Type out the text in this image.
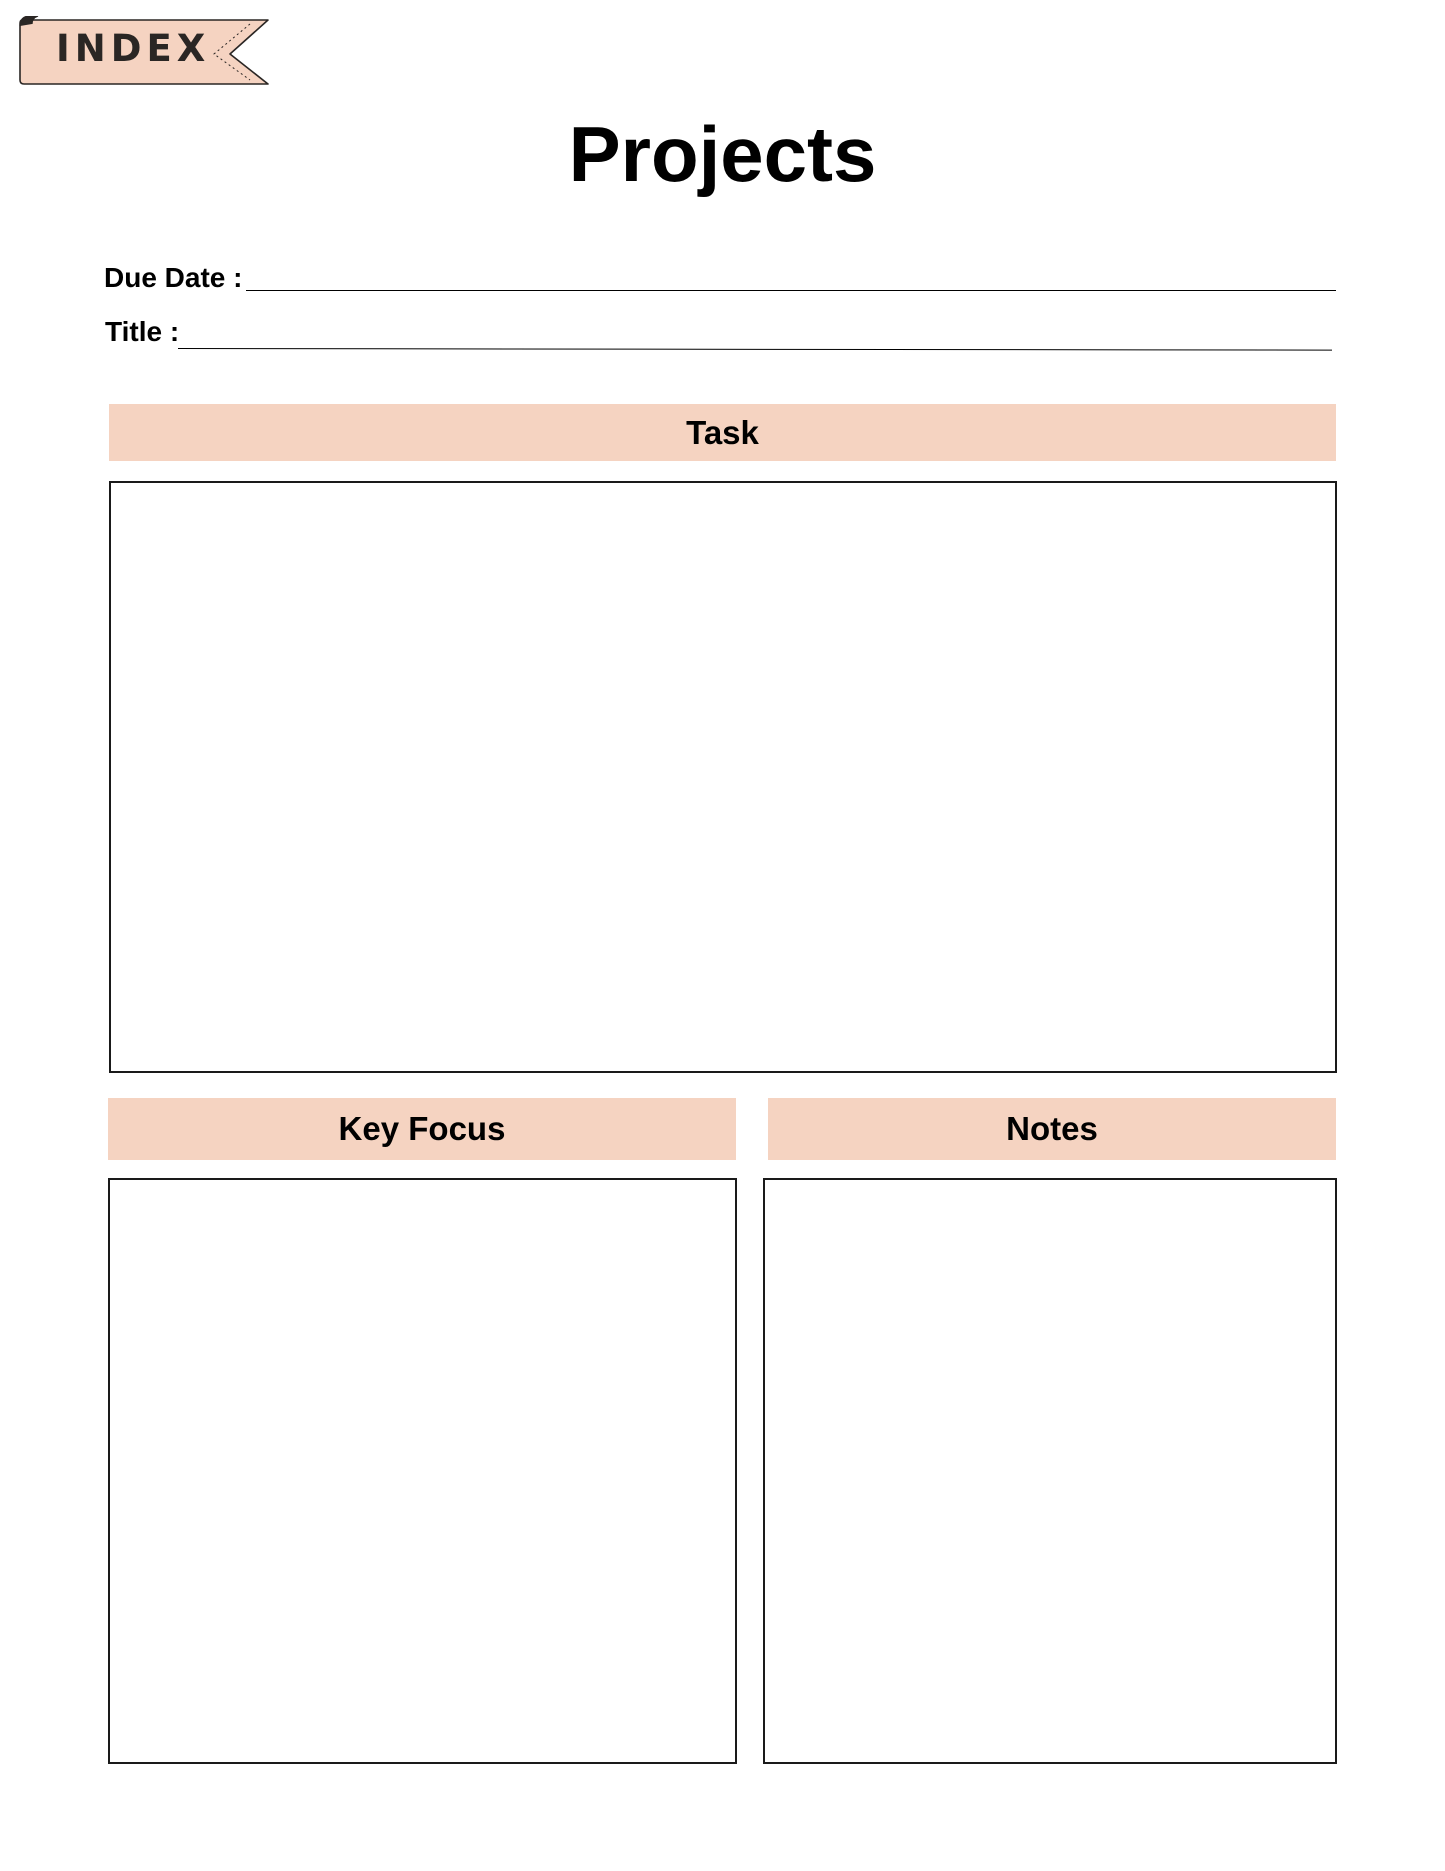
INDEX
Projects
Due Date :
Title :
Task
Key Focus	Notes
